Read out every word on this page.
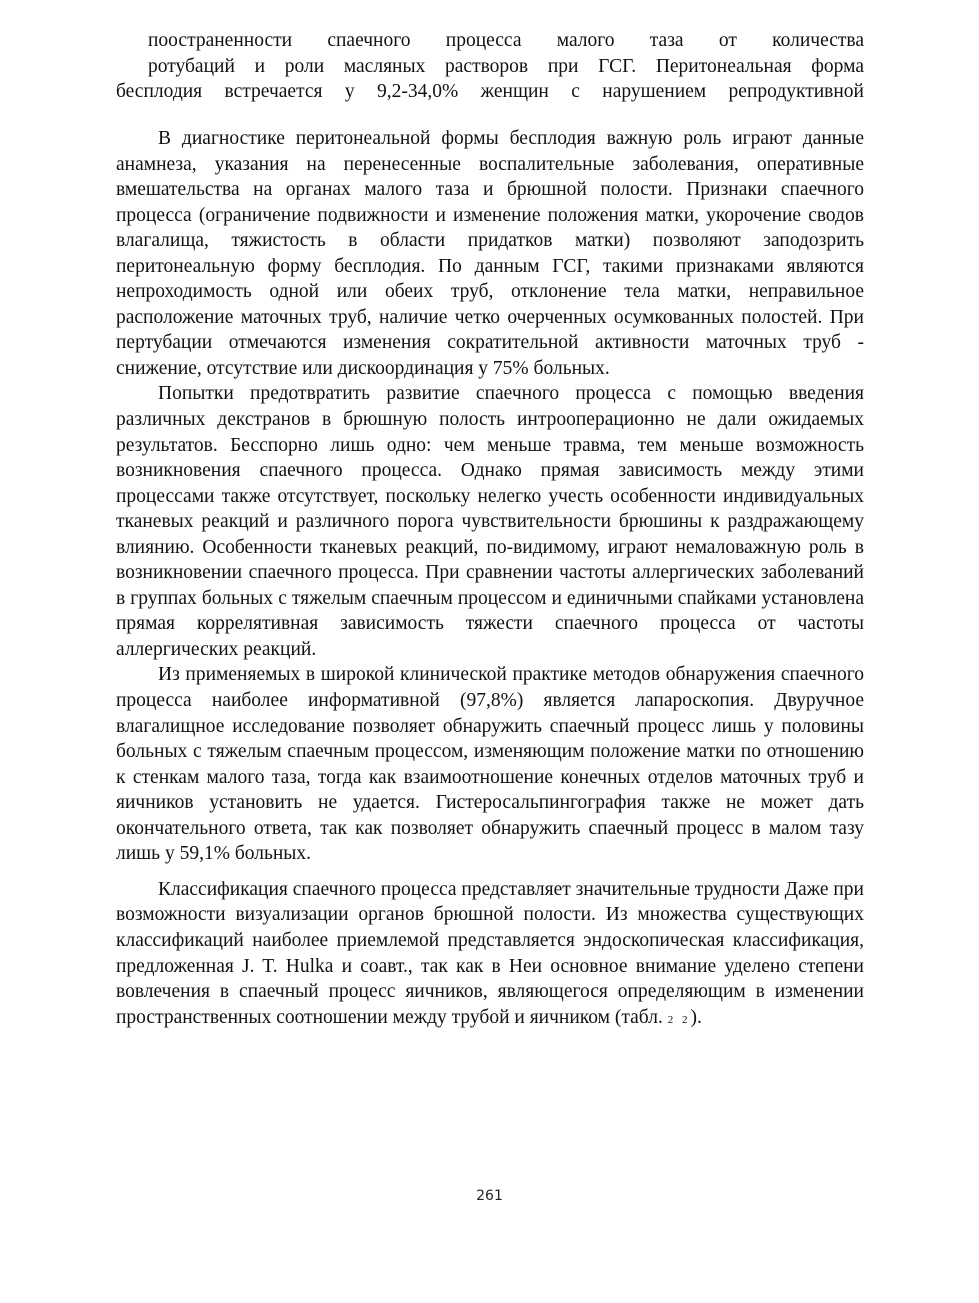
поостраненности спаечного процесса малого таза от количества
ротубаций и роли масляных растворов при ГСГ. Перитонеальная форма
бесплодия встречается у 9,2-34,0% женщин с нарушением репродуктивной

В диагностике перитонеальной формы бесплодия важную роль играют данные анамнеза, указания на перенесенные воспалительные заболевания, оперативные вмешательства на органах малого таза и брюшной полости. Признаки спаечного процесса (ограничение подвижности и изменение положения матки, укорочение сводов влагалища, тяжистость в области придатков матки) позволяют заподозрить перитонеальную форму бесплодия. По данным ГСГ, такими признаками являются непроходимость одной или обеих труб, отклонение тела матки, неправильное расположение маточных труб, наличие четко очерченных осумкованных полостей. При пертубации отмечаются изменения сократительной активности маточных труб - снижение, отсутствие или дискоординация у 75% больных.

Попытки предотвратить развитие спаечного процесса с помощью введения различных декстранов в брюшную полость интрооперационно не дали ожидаемых результатов. Бесспорно лишь одно: чем меньше травма, тем меньше возможность возникновения спаечного процесса. Однако прямая зависимость между этими процессами также отсутствует, поскольку нелегко учесть особенности индивидуальных тканевых реакций и различного порога чувствительности брюшины к раздражающему влиянию. Особенности тканевых реакций, по-видимому, играют немаловажную роль в возникновении спаечного процесса. При сравнении частоты аллергических заболеваний в группах больных с тяжелым спаечным процессом и единичными спайками установлена прямая коррелятивная зависимость тяжести спаечного процесса от частоты аллергических реакций.

Из применяемых в широкой клинической практике методов обнаружения спаечного процесса наиболее информативной (97,8%) является лапароскопия. Двуручное влагалищное исследование позволяет обнаружить спаечный процесс лишь у половины больных с тяжелым спаечным процессом, изменяющим положение матки по отношению к стенкам малого таза, тогда как взаимоотношение конечных отделов маточных труб и яичников установить не удается. Гистеросальпингография также не может дать окончательного ответа, так как позволяет обнаружить спаечный процесс в малом тазу лишь у 59,1% больных.

Классификация спаечного процесса представляет значительные трудности Даже при возможности визуализации органов брюшной полости. Из множества существующих классификаций наиболее приемлемой представляется эндоскопическая классификация, предложенная J. T. Hulka и соавт., так как в Неи основное внимание уделено степени вовлечения в спаечный процесс яичников, являющегося определяющим в изменении пространственных соотношении между трубой и яичником (табл. 2 2).

261
